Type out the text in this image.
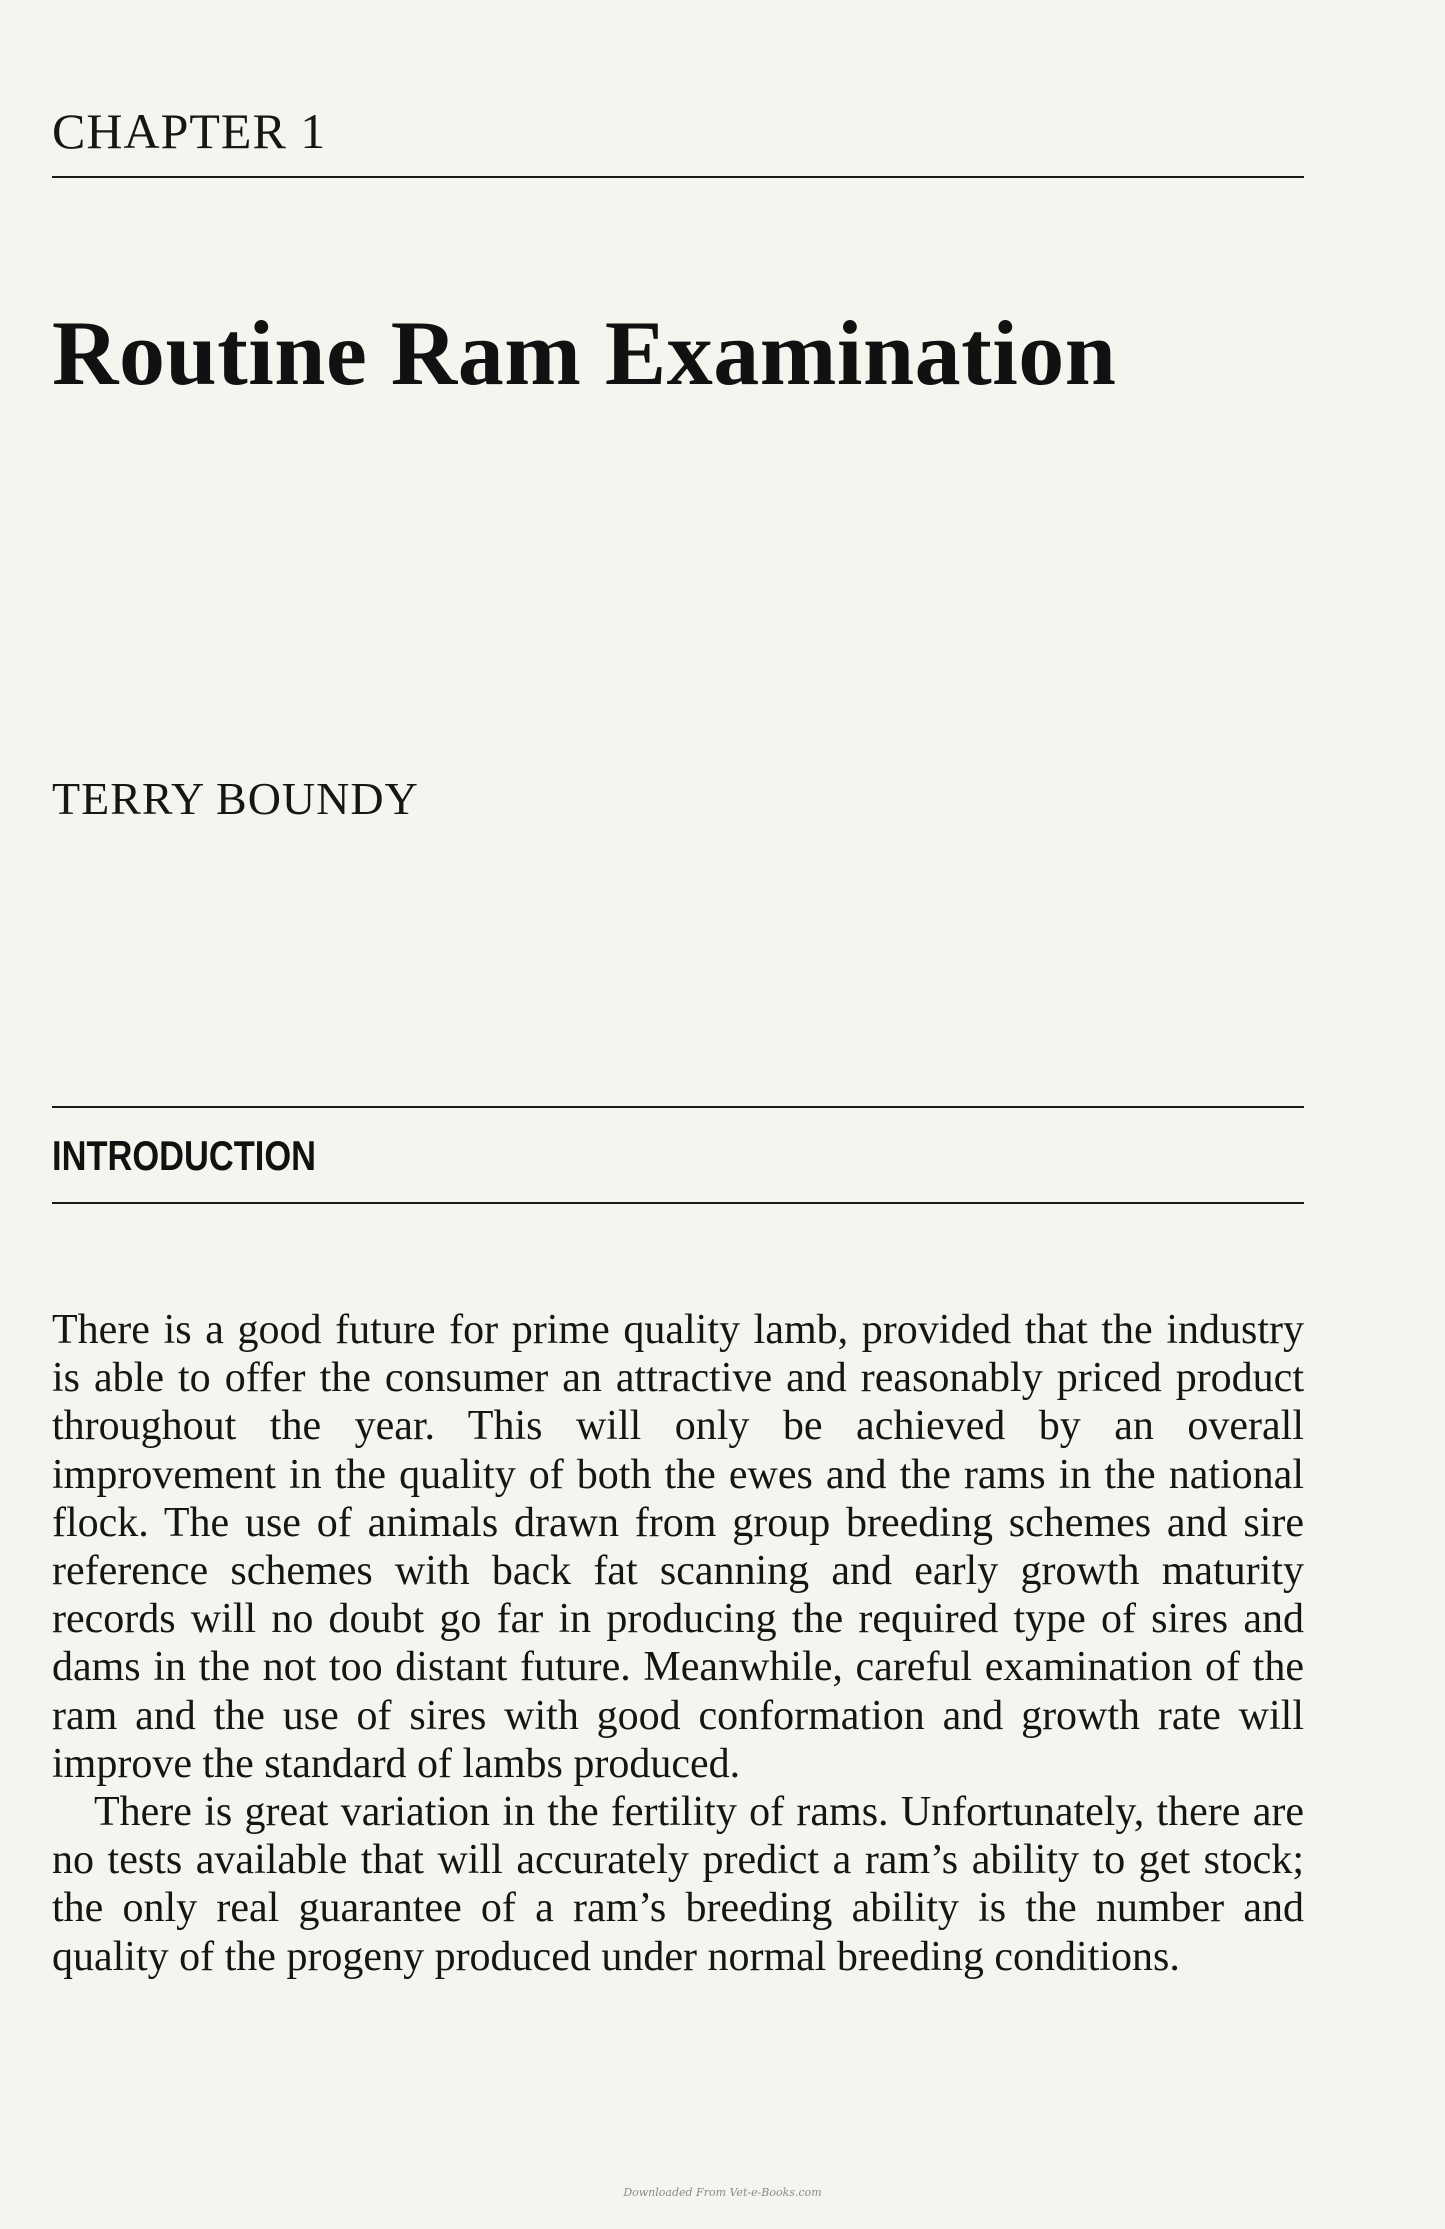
CHAPTER 1
Routine Ram Examination
TERRY BOUNDY
INTRODUCTION

There is a good future for prime quality lamb, provided that the industry is able to offer the consumer an attractive and reasonably priced product throughout the year. This will only be achieved by an overall improvement in the quality of both the ewes and the rams in the national flock. The use of animals drawn from group breeding schemes and sire reference schemes with back fat scanning and early growth maturity records will no doubt go far in producing the required type of sires and dams in the not too distant future. Meanwhile, careful examination of the ram and the use of sires with good conformation and growth rate will improve the standard of lambs produced.

There is great variation in the fertility of rams. Unfortunately, there are no tests available that will accurately predict a ram’s ability to get stock; the only real guarantee of a ram’s breeding ability is the number and quality of the progeny produced under normal breeding conditions.

Downloaded From Vet-e-Books.com
